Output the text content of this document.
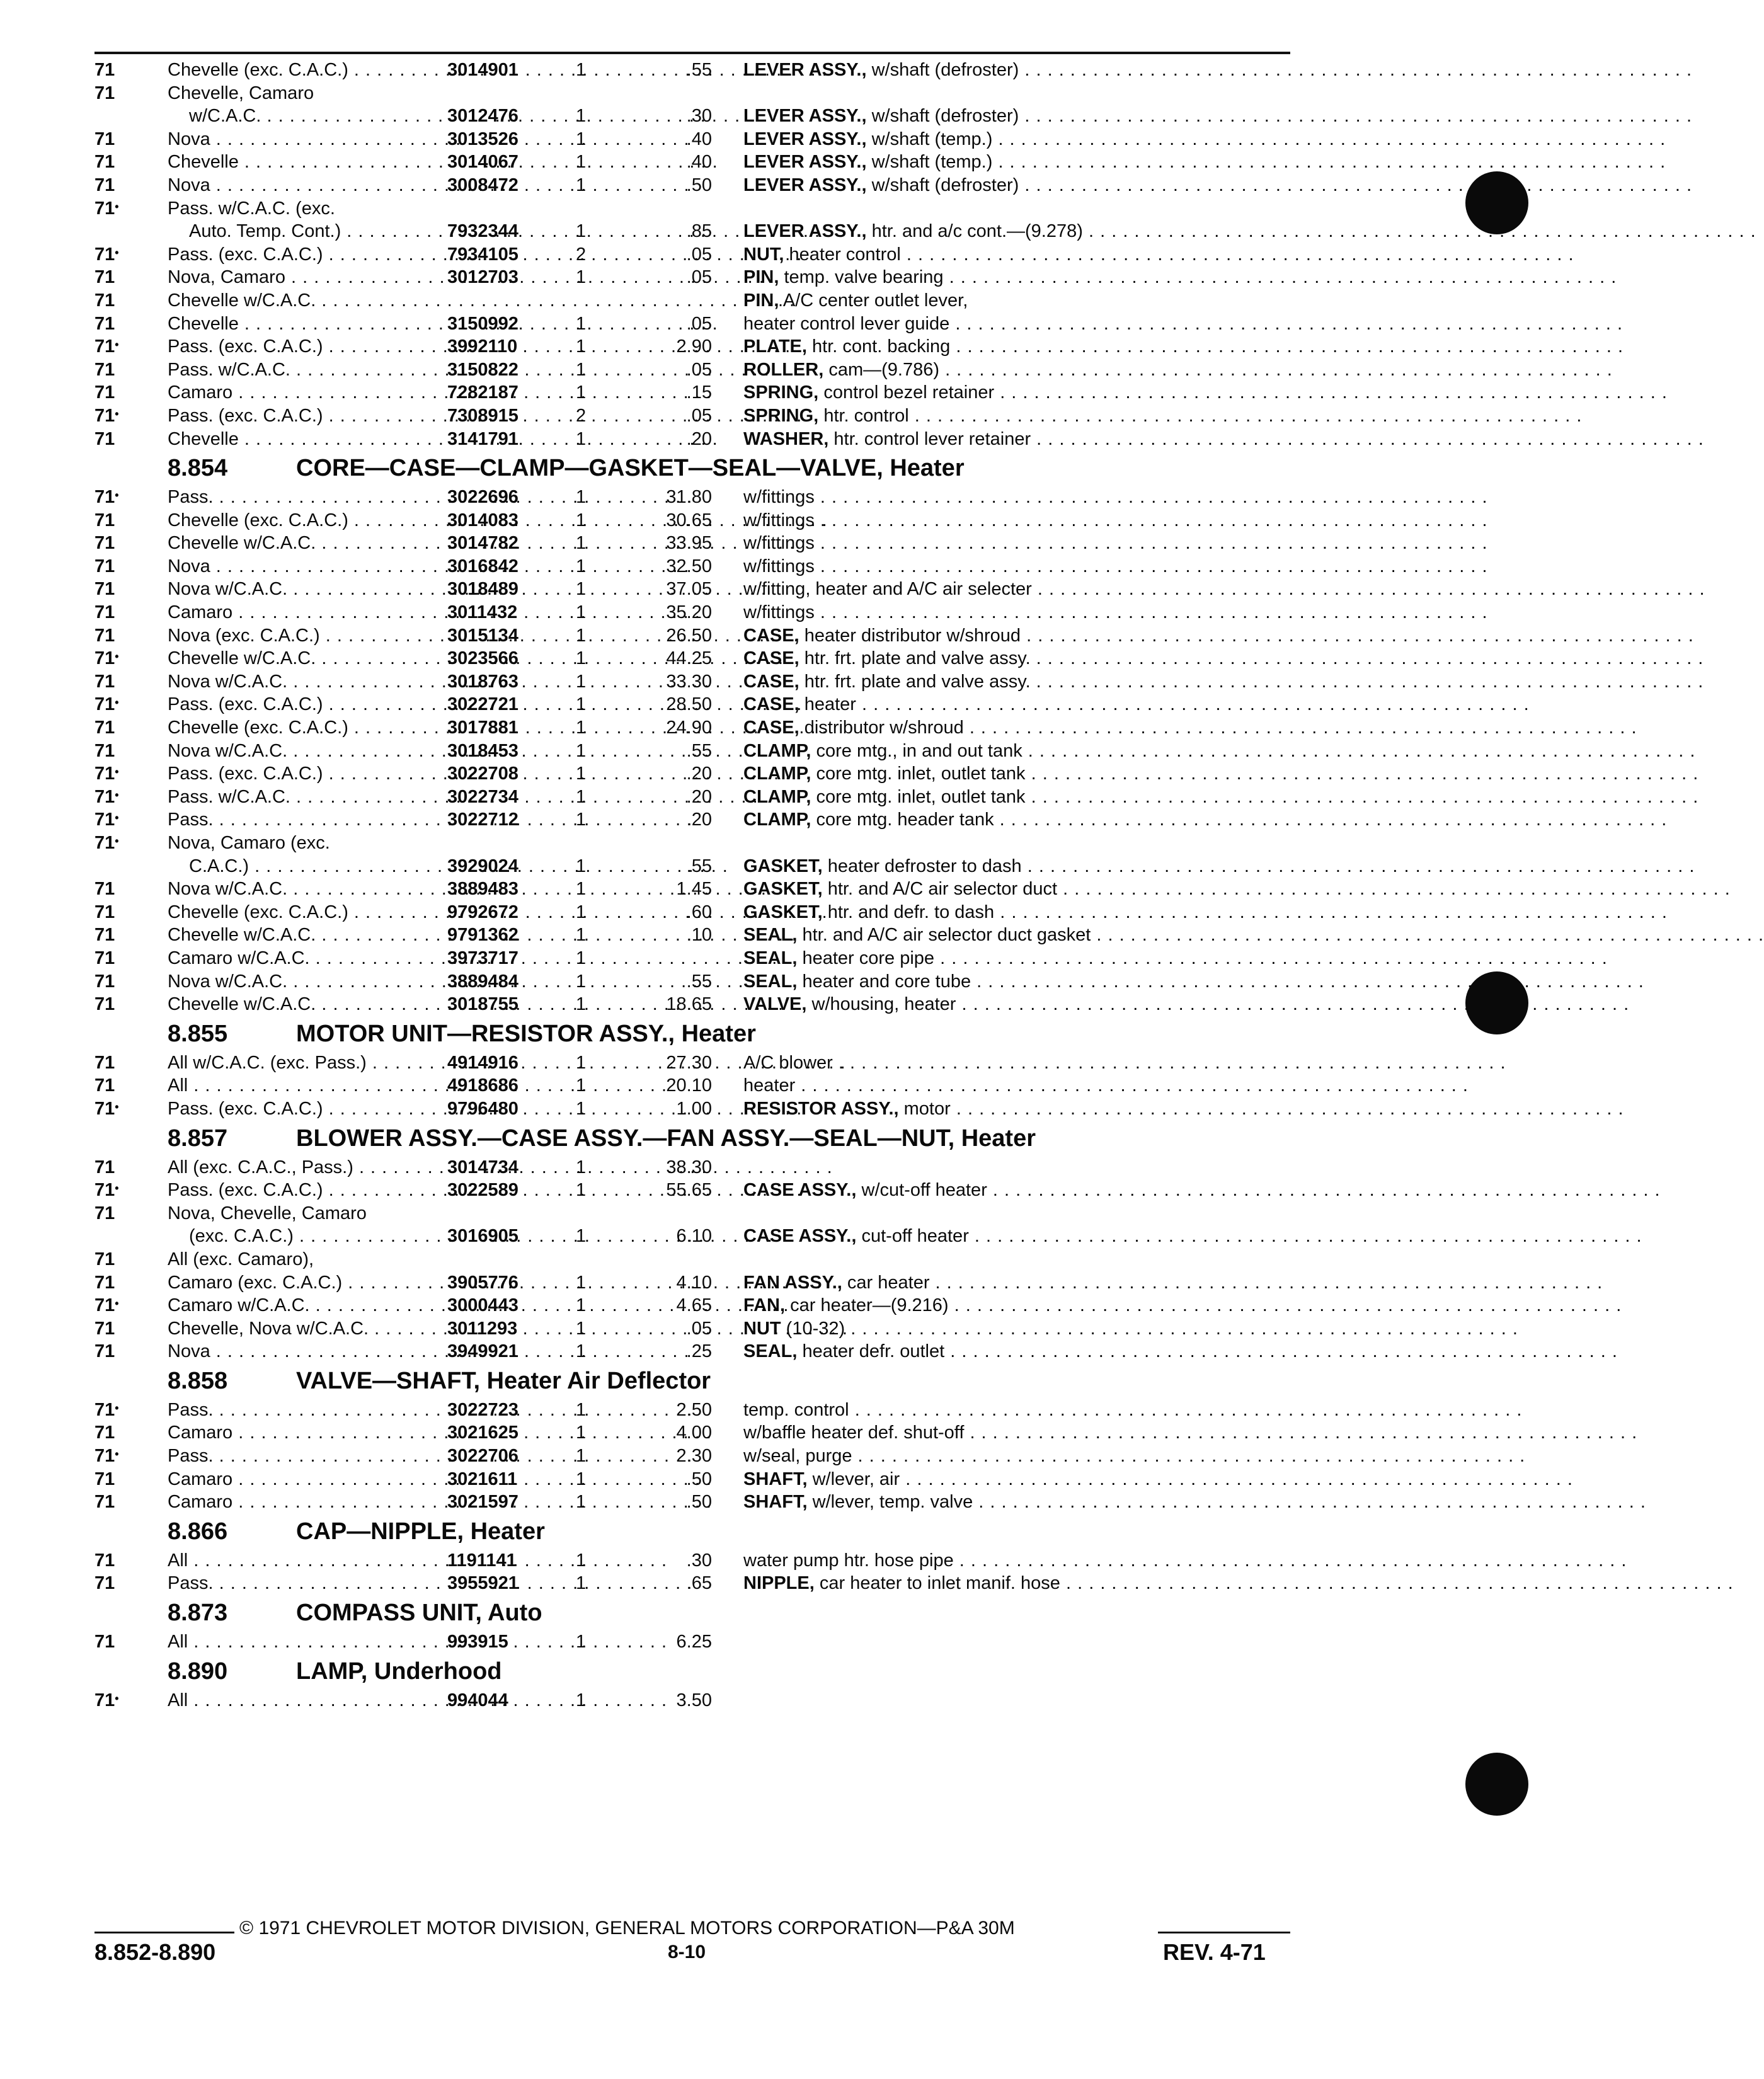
71	Chevelle (exc. C.A.C.) . . .	3014901	1	.55 LEVER ASSY., w/shaft (defroster) . . . . . . . . . . . . . . . . . . . . . . . . . . . . . . . . . . . . . . . . . . . . . . . . . . . . . . . . . . .
71	Chevelle, Camaro
w/C.A.C. . . .	3012476	1	.30 LEVER ASSY., w/shaft (defroster) . . . . . . . . . . . . . . . . . . . . . . . . . . . . . . . . . . . . . . . . . . . . . . . . . . . . . . . . . . .
71	Nova . . .	3013526	1	.40 LEVER ASSY., w/shaft (temp.) . . . . . . . . . . . . . . . . . . . . . . . . . . . . . . . . . . . . . . . . . . . . . . . . . . . . . . . . . . .
71	Chevelle . . .	3014067	1	.40 LEVER ASSY., w/shaft (temp.) . . . . . . . . . . . . . . . . . . . . . . . . . . . . . . . . . . . . . . . . . . . . . . . . . . . . . . . . . . .
71	Nova . . .	3008472	1	.50 LEVER ASSY., w/shaft (defroster) . . . . . . . . . . . . . . . . . . . . . . . . . . . . . . . . . . . . . . . . . . . . . . . . . . . . . . . . . . .
71•	Pass. w/C.A.C. (exc.
Auto. Temp. Cont.) . . .	7932344	1	.85 LEVER ASSY., htr. and a/c cont.—(9.278) . . . . . . . . . . . . . . . . . . . . . . . . . . . . . . . . . . . . . . . . . . . . . . . . . . . . . . . . . . .
71•	Pass. (exc. C.A.C.) . . .	7934105	2	.05 NUT, heater control . . . . . . . . . . . . . . . . . . . . . . . . . . . . . . . . . . . . . . . . . . . . . . . . . . . . . . . . . . .
71	Nova, Camaro . . .	3012703	1	.05 PIN, temp. valve bearing . . . . . . . . . . . . . . . . . . . . . . . . . . . . . . . . . . . . . . . . . . . . . . . . . . . . . . . . . . .
71	Chevelle w/C.A.C. . . .	PIN, A/C center outlet lever,
71	Chevelle . . .	3150992	1	.05 heater control lever guide . . . . . . . . . . . . . . . . . . . . . . . . . . . . . . . . . . . . . . . . . . . . . . . . . . . . . . . . . . .
71•	Pass. (exc. C.A.C.) . . .	3992110	1	2.90 PLATE, htr. cont. backing . . . . . . . . . . . . . . . . . . . . . . . . . . . . . . . . . . . . . . . . . . . . . . . . . . . . . . . . . . .
71	Pass. w/C.A.C. . . .	3150822	1	.05 ROLLER, cam—(9.786) . . . . . . . . . . . . . . . . . . . . . . . . . . . . . . . . . . . . . . . . . . . . . . . . . . . . . . . . . . .
71	Camaro . . .	7282187	1	.15 SPRING, control bezel retainer . . . . . . . . . . . . . . . . . . . . . . . . . . . . . . . . . . . . . . . . . . . . . . . . . . . . . . . . . . .
71•	Pass. (exc. C.A.C.) . . .	7308915	2	.05 SPRING, htr. control . . . . . . . . . . . . . . . . . . . . . . . . . . . . . . . . . . . . . . . . . . . . . . . . . . . . . . . . . . .
71	Chevelle . . .	3141791	1	.20 WASHER, htr. control lever retainer . . . . . . . . . . . . . . . . . . . . . . . . . . . . . . . . . . . . . . . . . . . . . . . . . . . . . . . . . . .
8.854	CORE—CASE—CLAMP—GASKET—SEAL—VALVE, Heater
71•	Pass. . . .	3022696	1	31.80 w/fittings . . . . . . . . . . . . . . . . . . . . . . . . . . . . . . . . . . . . . . . . . . . . . . . . . . . . . . . . . . .
71	Chevelle (exc. C.A.C.) . . .	3014083	1	30.65 w/fittings . . . . . . . . . . . . . . . . . . . . . . . . . . . . . . . . . . . . . . . . . . . . . . . . . . . . . . . . . . .
71	Chevelle w/C.A.C. . . .	3014782	1	33.95 w/fittings . . . . . . . . . . . . . . . . . . . . . . . . . . . . . . . . . . . . . . . . . . . . . . . . . . . . . . . . . . .
71	Nova . . .	3016842	1	32.50 w/fittings . . . . . . . . . . . . . . . . . . . . . . . . . . . . . . . . . . . . . . . . . . . . . . . . . . . . . . . . . . .
71	Nova w/C.A.C. . . .	3018489	1	37.05 w/fitting, heater and A/C air selecter . . . . . . . . . . . . . . . . . . . . . . . . . . . . . . . . . . . . . . . . . . . . . . . . . . . . . . . . . . .
71	Camaro . . .	3011432	1	35.20 w/fittings . . . . . . . . . . . . . . . . . . . . . . . . . . . . . . . . . . . . . . . . . . . . . . . . . . . . . . . . . . .
71	Nova (exc. C.A.C.) . . .	3015134	1	26.50 CASE, heater distributor w/shroud . . . . . . . . . . . . . . . . . . . . . . . . . . . . . . . . . . . . . . . . . . . . . . . . . . . . . . . . . . .
71•	Chevelle w/C.A.C. . . .	3023566	1	44.25 CASE, htr. frt. plate and valve assy. . . . . . . . . . . . . . . . . . . . . . . . . . . . . . . . . . . . . . . . . . . . . . . . . . . . . . . . . . . .
71	Nova w/C.A.C. . . .	3018763	1	33.30 CASE, htr. frt. plate and valve assy. . . . . . . . . . . . . . . . . . . . . . . . . . . . . . . . . . . . . . . . . . . . . . . . . . . . . . . . . . . .
71•	Pass. (exc. C.A.C.) . . .	3022721	1	28.50 CASE, heater . . . . . . . . . . . . . . . . . . . . . . . . . . . . . . . . . . . . . . . . . . . . . . . . . . . . . . . . . . .
71	Chevelle (exc. C.A.C.) . . .	3017881	1	24.90 CASE, distributor w/shroud . . . . . . . . . . . . . . . . . . . . . . . . . . . . . . . . . . . . . . . . . . . . . . . . . . . . . . . . . . .
71	Nova w/C.A.C. . . .	3018453	1	.55 CLAMP, core mtg., in and out tank . . . . . . . . . . . . . . . . . . . . . . . . . . . . . . . . . . . . . . . . . . . . . . . . . . . . . . . . . . .
71•	Pass. (exc. C.A.C.) . . .	3022708	1	.20 CLAMP, core mtg. inlet, outlet tank . . . . . . . . . . . . . . . . . . . . . . . . . . . . . . . . . . . . . . . . . . . . . . . . . . . . . . . . . . .
71•	Pass. w/C.A.C. . . .	3022734	1	.20 CLAMP, core mtg. inlet, outlet tank . . . . . . . . . . . . . . . . . . . . . . . . . . . . . . . . . . . . . . . . . . . . . . . . . . . . . . . . . . .
71•	Pass. . . .	3022712	1	.20 CLAMP, core mtg. header tank . . . . . . . . . . . . . . . . . . . . . . . . . . . . . . . . . . . . . . . . . . . . . . . . . . . . . . . . . . .
71•	Nova, Camaro (exc.
C.A.C.) . . .	3929024	1	.55 GASKET, heater defroster to dash . . . . . . . . . . . . . . . . . . . . . . . . . . . . . . . . . . . . . . . . . . . . . . . . . . . . . . . . . . .
71	Nova w/C.A.C. . . .	3889483	1	1.45 GASKET, htr. and A/C air selector duct . . . . . . . . . . . . . . . . . . . . . . . . . . . . . . . . . . . . . . . . . . . . . . . . . . . . . . . . . . .
71	Chevelle (exc. C.A.C.) . . .	9792672	1	.60 GASKET, htr. and defr. to dash . . . . . . . . . . . . . . . . . . . . . . . . . . . . . . . . . . . . . . . . . . . . . . . . . . . . . . . . . . .
71	Chevelle w/C.A.C. . . .	9791362	1	.10 SEAL, htr. and A/C air selector duct gasket . . . . . . . . . . . . . . . . . . . . . . . . . . . . . . . . . . . . . . . . . . . . . . . . . . . . . . . . . . .
71	Camaro w/C.A.C. . . .	3973717	1	SEAL, heater core pipe . . . . . . . . . . . . . . . . . . . . . . . . . . . . . . . . . . . . . . . . . . . . . . . . . . . . . . . . . . .
71	Nova w/C.A.C. . . .	3889484	1	.55 SEAL, heater and core tube . . . . . . . . . . . . . . . . . . . . . . . . . . . . . . . . . . . . . . . . . . . . . . . . . . . . . . . . . . .
71	Chevelle w/C.A.C. . . .	3018755	1	18.65 VALVE, w/housing, heater . . . . . . . . . . . . . . . . . . . . . . . . . . . . . . . . . . . . . . . . . . . . . . . . . . . . . . . . . . .
8.855	MOTOR UNIT—RESISTOR ASSY., Heater
71	All w/C.A.C. (exc. Pass.) . . .	4914916	1	27.30 A/C blower . . . . . . . . . . . . . . . . . . . . . . . . . . . . . . . . . . . . . . . . . . . . . . . . . . . . . . . . . . .
71	All . . .	4918686	1	20.10 heater . . . . . . . . . . . . . . . . . . . . . . . . . . . . . . . . . . . . . . . . . . . . . . . . . . . . . . . . . . .
71•	Pass. (exc. C.A.C.) . . .	9796480	1	1.00 RESISTOR ASSY., motor . . . . . . . . . . . . . . . . . . . . . . . . . . . . . . . . . . . . . . . . . . . . . . . . . . . . . . . . . . .
8.857	BLOWER ASSY.—CASE ASSY.—FAN ASSY.—SEAL—NUT, Heater
71	All (exc. C.A.C., Pass.) . . .	3014734	1	38.30
71•	Pass. (exc. C.A.C.) . . .	3022589	1	55.65 CASE ASSY., w/cut-off heater . . . . . . . . . . . . . . . . . . . . . . . . . . . . . . . . . . . . . . . . . . . . . . . . . . . . . . . . . . .
71	Nova, Chevelle, Camaro
(exc. C.A.C.) . . .	3016905	1	6.10 CASE ASSY., cut-off heater . . . . . . . . . . . . . . . . . . . . . . . . . . . . . . . . . . . . . . . . . . . . . . . . . . . . . . . . . . .
71	All (exc. Camaro),
71	Camaro (exc. C.A.C.) . . .	3905776	1	4.10 FAN ASSY., car heater . . . . . . . . . . . . . . . . . . . . . . . . . . . . . . . . . . . . . . . . . . . . . . . . . . . . . . . . . . .
71•	Camaro w/C.A.C. . . .	3000443	1	4.65 FAN, car heater—(9.216) . . . . . . . . . . . . . . . . . . . . . . . . . . . . . . . . . . . . . . . . . . . . . . . . . . . . . . . . . . .
71	Chevelle, Nova w/C.A.C. . . .	3011293	1	.05 NUT (10-32) . . . . . . . . . . . . . . . . . . . . . . . . . . . . . . . . . . . . . . . . . . . . . . . . . . . . . . . . . . .
71	Nova . . .	3949921	1	.25 SEAL, heater defr. outlet . . . . . . . . . . . . . . . . . . . . . . . . . . . . . . . . . . . . . . . . . . . . . . . . . . . . . . . . . . .
8.858	VALVE—SHAFT, Heater Air Deflector
71•	Pass. . . .	3022723	1	2.50 temp. control . . . . . . . . . . . . . . . . . . . . . . . . . . . . . . . . . . . . . . . . . . . . . . . . . . . . . . . . . . .
71	Camaro . . .	3021625	1	4.00 w/baffle heater def. shut-off . . . . . . . . . . . . . . . . . . . . . . . . . . . . . . . . . . . . . . . . . . . . . . . . . . . . . . . . . . .
71•	Pass. . . .	3022706	1	2.30 w/seal, purge . . . . . . . . . . . . . . . . . . . . . . . . . . . . . . . . . . . . . . . . . . . . . . . . . . . . . . . . . . .
71	Camaro . . .	3021611	1	.50 SHAFT, w/lever, air . . . . . . . . . . . . . . . . . . . . . . . . . . . . . . . . . . . . . . . . . . . . . . . . . . . . . . . . . . .
71	Camaro . . .	3021597	1	.50 SHAFT, w/lever, temp. valve . . . . . . . . . . . . . . . . . . . . . . . . . . . . . . . . . . . . . . . . . . . . . . . . . . . . . . . . . . .
8.866	CAP—NIPPLE, Heater
71	All . . .	1191141	1	.30 water pump htr. hose pipe . . . . . . . . . . . . . . . . . . . . . . . . . . . . . . . . . . . . . . . . . . . . . . . . . . . . . . . . . . .
71	Pass. . . .	3955921	1	.65 NIPPLE, car heater to inlet manif. hose . . . . . . . . . . . . . . . . . . . . . . . . . . . . . . . . . . . . . . . . . . . . . . . . . . . . . . . . . . .
8.873	COMPASS UNIT, Auto
71	All . . .	993915	1	6.25
8.890	LAMP, Underhood
71•	All . . .	994044	1	3.50
© 1971 CHEVROLET MOTOR DIVISION, GENERAL MOTORS CORPORATION—P&A 30M
8.852-8.890	8-10	REV. 4-71
